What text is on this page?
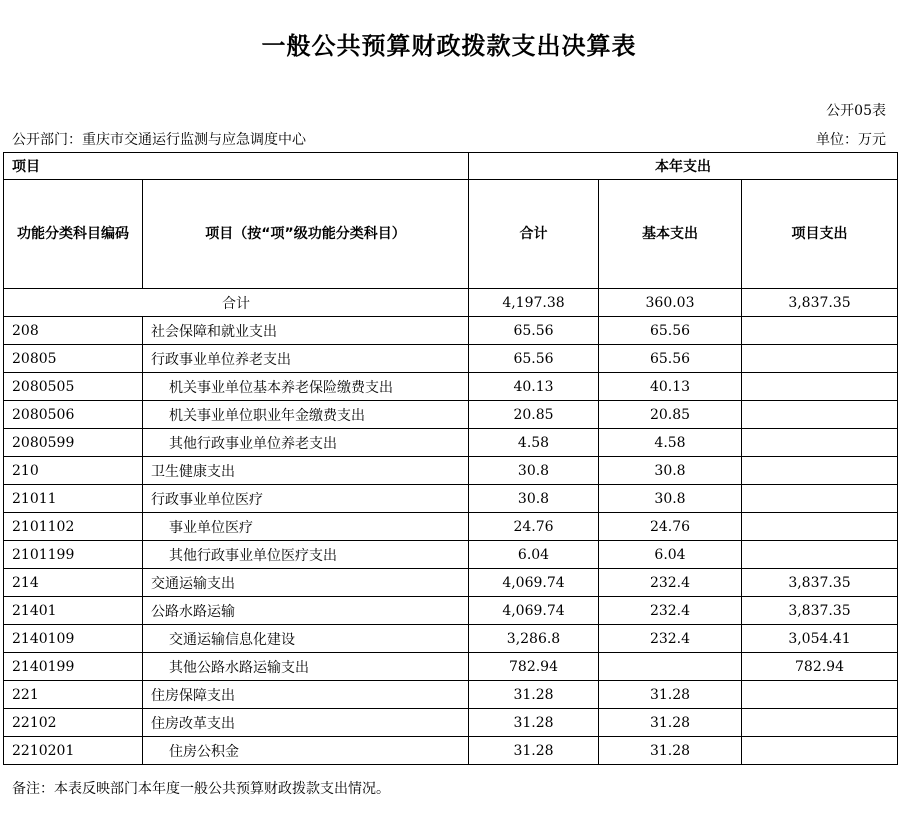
一般公共预算财政拨款支出决算表
公开05表
公开部门：重庆市交通运行监测与应急调度中心	单位：万元
项目		本年支出		
功能分类科目编码	项目（按“项”级功能分类科目）	合计	基本支出	项目支出
合计		4,197.38	360.03	3,837.35
208	社会保障和就业支出	65.56	65.56	
20805	行政事业单位养老支出	65.56	65.56	
2080505	机关事业单位基本养老保险缴费支出	40.13	40.13	
2080506	机关事业单位职业年金缴费支出	20.85	20.85	
2080599	其他行政事业单位养老支出	4.58	4.58	
210	卫生健康支出	30.8	30.8	
21011	行政事业单位医疗	30.8	30.8	
2101102	事业单位医疗	24.76	24.76	
2101199	其他行政事业单位医疗支出	6.04	6.04	
214	交通运输支出	4,069.74	232.4	3,837.35
21401	公路水路运输	4,069.74	232.4	3,837.35
2140109	交通运输信息化建设	3,286.8	232.4	3,054.41
2140199	其他公路水路运输支出	782.94		782.94
221	住房保障支出	31.28	31.28	
22102	住房改革支出	31.28	31.28	
2210201	住房公积金	31.28	31.28	
备注：本表反映部门本年度一般公共预算财政拨款支出情况。
